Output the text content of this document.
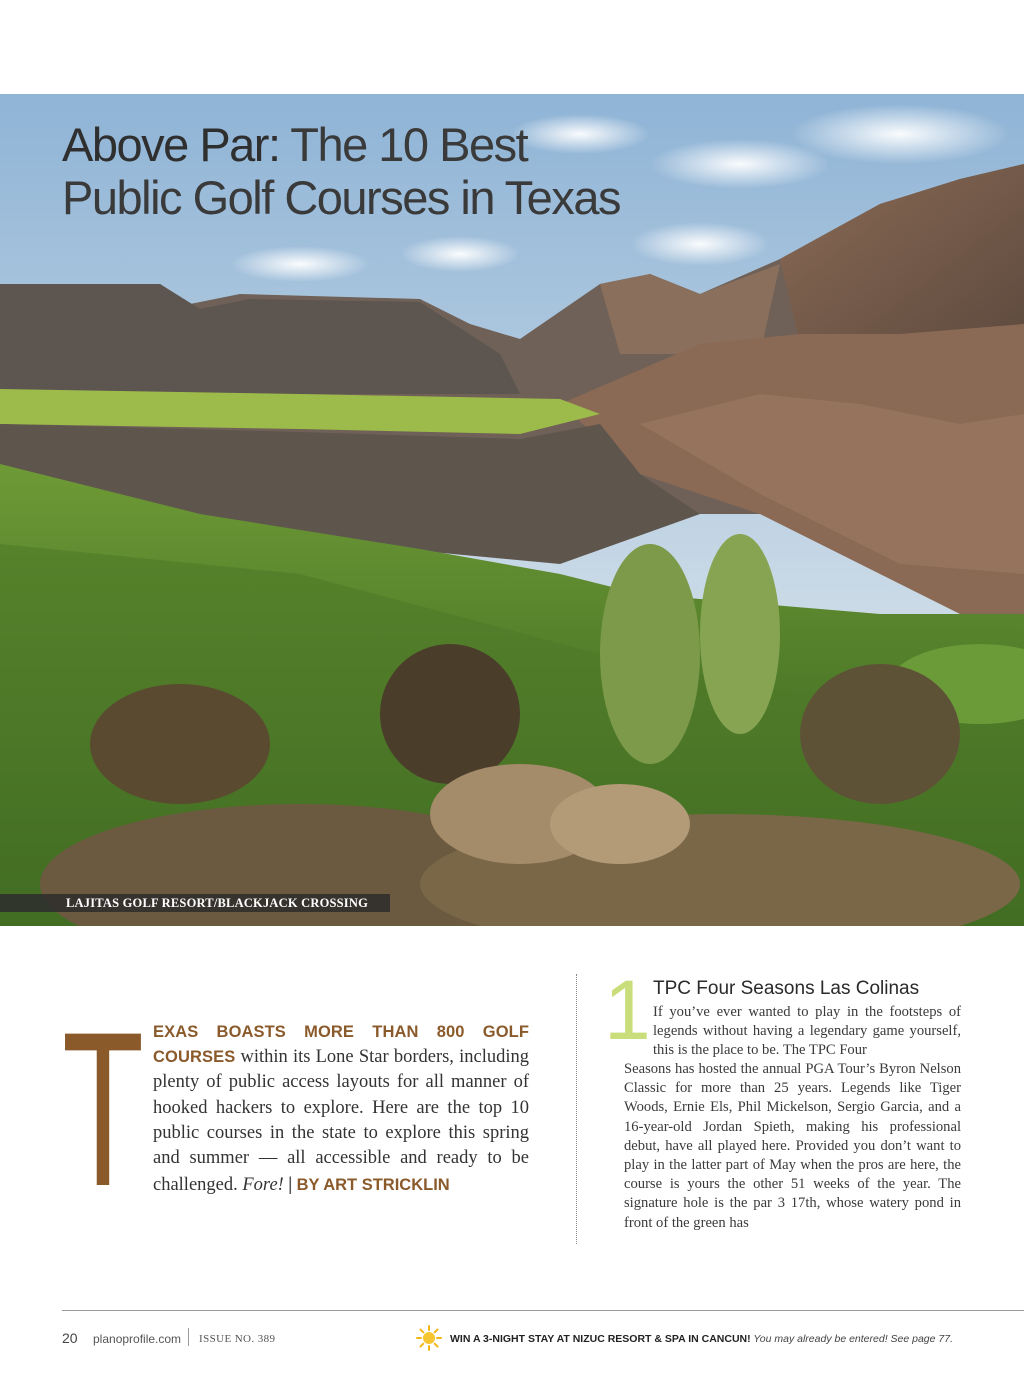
Above Par: The 10 Best
Public Golf Courses in Texas
LAJITAS GOLF RESORT/BLACKJACK CROSSING
T EXAS BOASTS MORE THAN 800 GOLF COURSES within its Lone Star borders, including plenty of public access layouts for all manner of hooked hackers to explore. Here are the top 10 public courses in the state to explore this spring and summer — all accessible and ready to be challenged. Fore! | BY ART STRICKLIN
1 TPC Four Seasons Las Colinas
If you’ve ever wanted to play in the footsteps of legends without having a legendary game yourself, this is the place to be. The TPC Four
Seasons has hosted the annual PGA Tour’s Byron Nelson Classic for more than 25 years. Legends like Tiger Woods, Ernie Els, Phil Mickelson, Sergio Garcia, and a 16-year-old Jordan Spieth, making his professional debut, have all played here. Provided you don’t want to play in the latter part of May when the pros are here, the course is yours the other 51 weeks of the year. The signature hole is the par 3 17th, whose watery pond in front of the green has
20 planoprofile.com ISSUE NO. 389	WIN A 3-NIGHT STAY AT NIZUC RESORT & SPA IN CANCUN! You may already be entered! See page 77.
